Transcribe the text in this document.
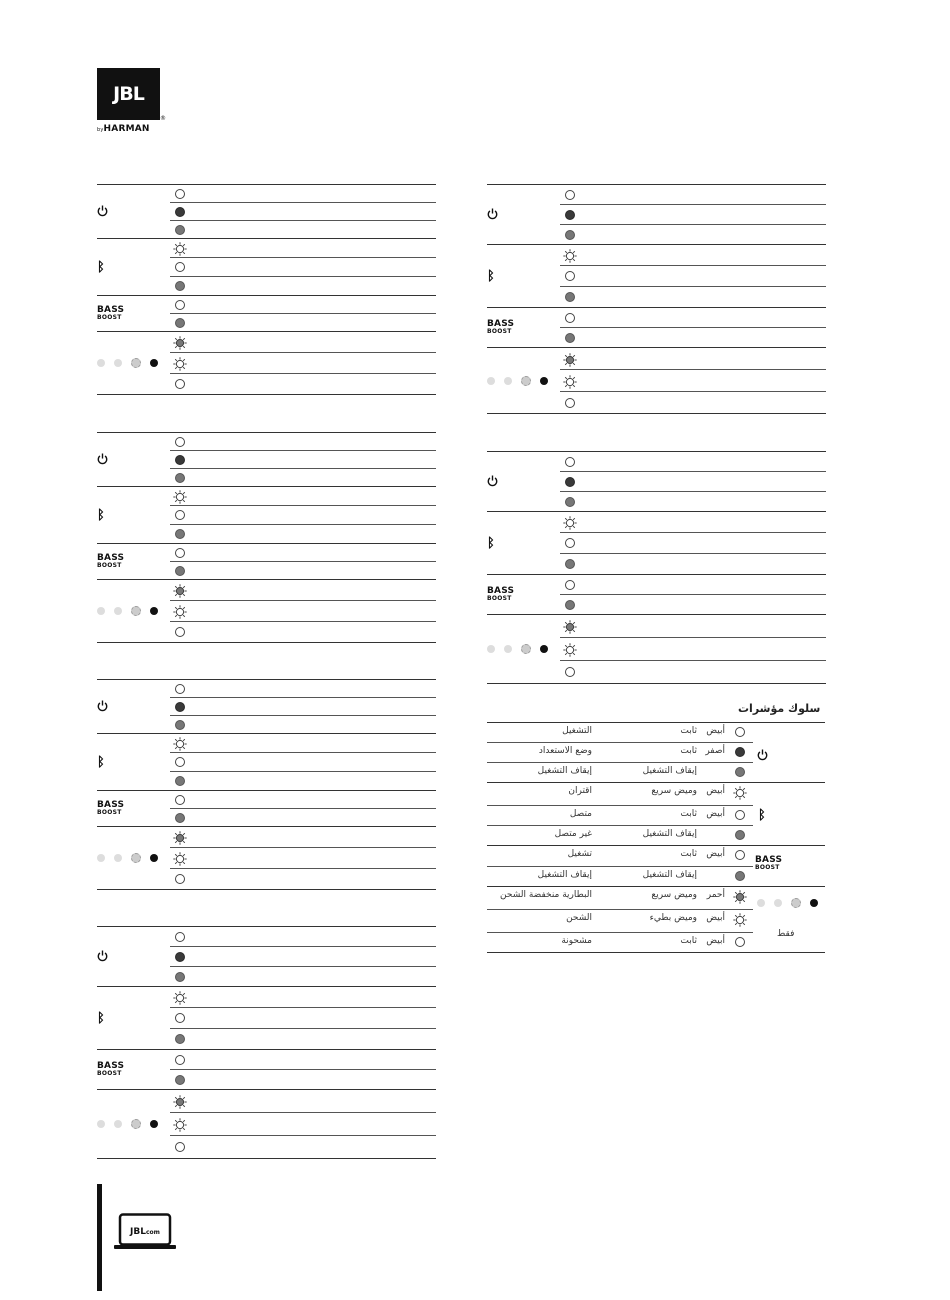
JBL
®
byHARMAN
ᛒ
BASS
BOOST
ᛒ
BASS
BOOST
ᛒ
BASS
BOOST
ᛒ
BASS
BOOST
ᛒ
BASS
BOOST
ᛒ
BASS
BOOST
سلوك مؤشرات
التشغيل	ثابت أبيض
وضع الاستعداد	ثابت أصفر
إيقاف التشغيل	إيقاف التشغيل
اقتران	وميض سريع أبيض
متصل	ثابت أبيض
غير متصل	إيقاف التشغيل
تشغيل	ثابت أبيض
إيقاف التشغيل	إيقاف التشغيل
البطارية منخفضة الشحن	وميض سريع أحمر
الشحن	وميض بطيء أبيض
مشحونة	ثابت أبيض
ᛒ
BASS
BOOST
فقط
JBLcom
